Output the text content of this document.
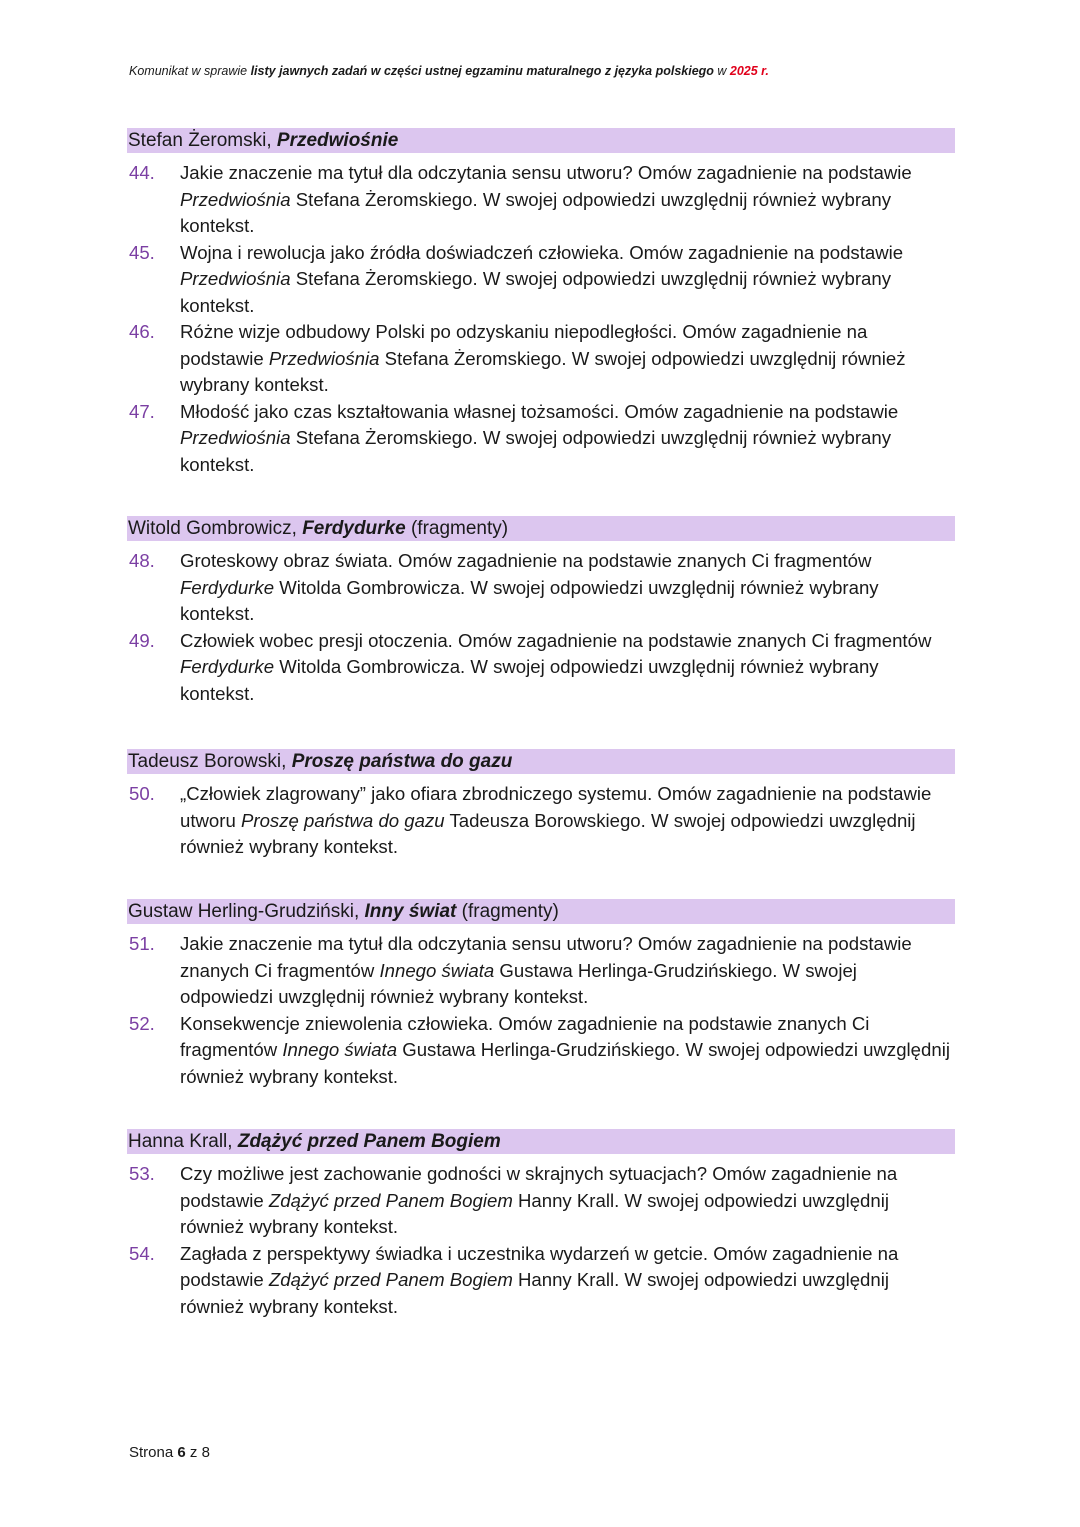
Komunikat w sprawie listy jawnych zadań w części ustnej egzaminu maturalnego z języka polskiego w 2025 r.
Stefan Żeromski, Przedwiośnie
44. Jakie znaczenie ma tytuł dla odczytania sensu utworu? Omów zagadnienie na podstawie Przedwiośnia Stefana Żeromskiego. W swojej odpowiedzi uwzględnij również wybrany kontekst.
45. Wojna i rewolucja jako źródła doświadczeń człowieka. Omów zagadnienie na podstawie Przedwiośnia Stefana Żeromskiego. W swojej odpowiedzi uwzględnij również wybrany kontekst.
46. Różne wizje odbudowy Polski po odzyskaniu niepodległości. Omów zagadnienie na podstawie Przedwiośnia Stefana Żeromskiego. W swojej odpowiedzi uwzględnij również wybrany kontekst.
47. Młodość jako czas kształtowania własnej tożsamości. Omów zagadnienie na podstawie Przedwiośnia Stefana Żeromskiego. W swojej odpowiedzi uwzględnij również wybrany kontekst.
Witold Gombrowicz, Ferdydurke (fragmenty)
48. Groteskowy obraz świata. Omów zagadnienie na podstawie znanych Ci fragmentów Ferdydurke Witolda Gombrowicza. W swojej odpowiedzi uwzględnij również wybrany kontekst.
49. Człowiek wobec presji otoczenia. Omów zagadnienie na podstawie znanych Ci fragmentów Ferdydurke Witolda Gombrowicza. W swojej odpowiedzi uwzględnij również wybrany kontekst.
Tadeusz Borowski, Proszę państwa do gazu
50. „Człowiek zlagrowany” jako ofiara zbrodniczego systemu. Omów zagadnienie na podstawie utworu Proszę państwa do gazu Tadeusza Borowskiego. W swojej odpowiedzi uwzględnij również wybrany kontekst.
Gustaw Herling-Grudziński, Inny świat (fragmenty)
51. Jakie znaczenie ma tytuł dla odczytania sensu utworu? Omów zagadnienie na podstawie znanych Ci fragmentów Innego świata Gustawa Herlinga-Grudzińskiego. W swojej odpowiedzi uwzględnij również wybrany kontekst.
52. Konsekwencje zniewolenia człowieka. Omów zagadnienie na podstawie znanych Ci fragmentów Innego świata Gustawa Herlinga-Grudzińskiego. W swojej odpowiedzi uwzględnij również wybrany kontekst.
Hanna Krall, Zdążyć przed Panem Bogiem
53. Czy możliwe jest zachowanie godności w skrajnych sytuacjach? Omów zagadnienie na podstawie Zdążyć przed Panem Bogiem Hanny Krall. W swojej odpowiedzi uwzględnij również wybrany kontekst.
54. Zagłada z perspektywy świadka i uczestnika wydarzeń w getcie. Omów zagadnienie na podstawie Zdążyć przed Panem Bogiem Hanny Krall. W swojej odpowiedzi uwzględnij również wybrany kontekst.
Strona 6 z 8
